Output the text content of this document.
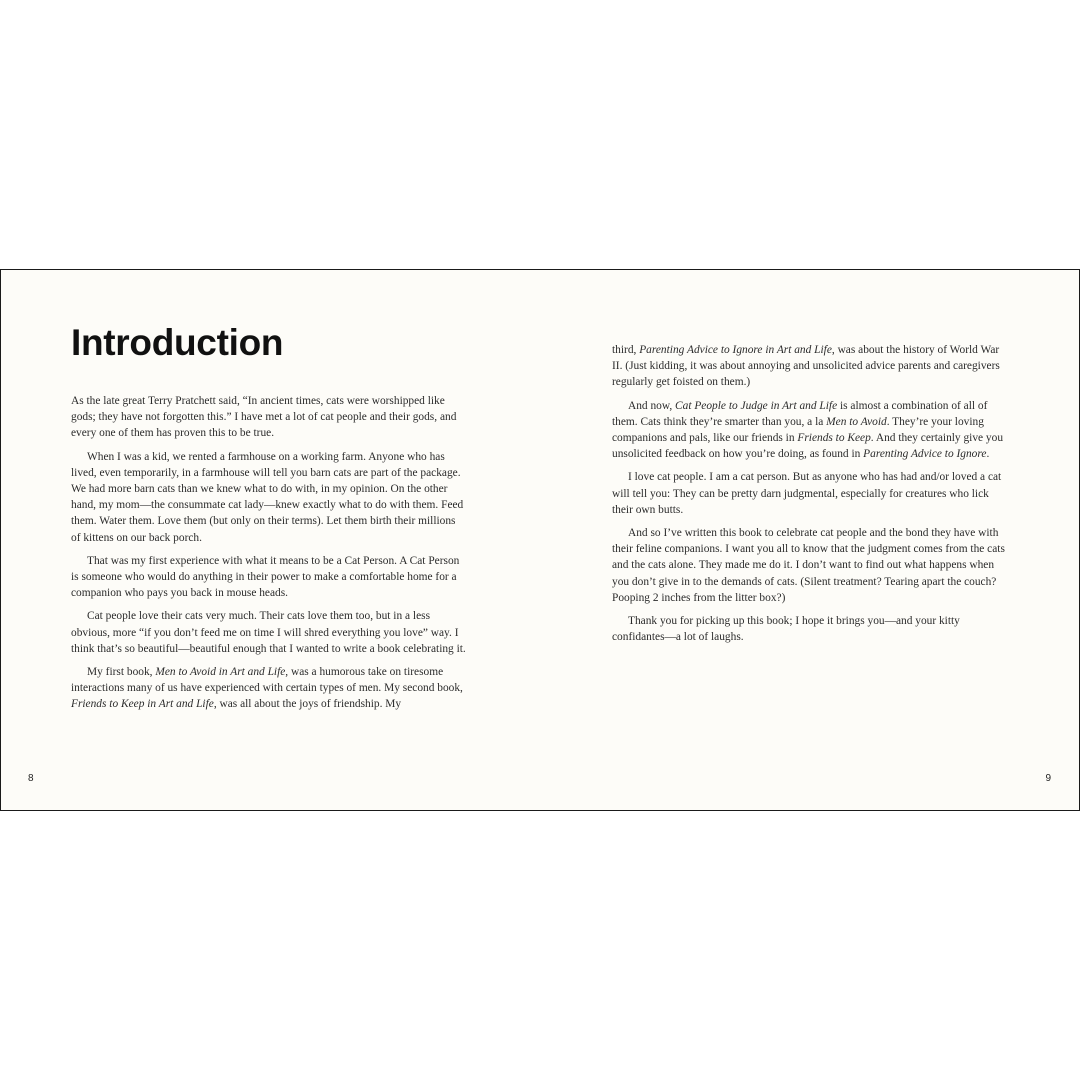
Introduction

As the late great Terry Pratchett said, “In ancient times, cats were worshipped like gods; they have not forgotten this.” I have met a lot of cat people and their gods, and every one of them has proven this to be true.

When I was a kid, we rented a farmhouse on a working farm. Anyone who has lived, even temporarily, in a farmhouse will tell you barn cats are part of the package. We had more barn cats than we knew what to do with, in my opinion. On the other hand, my mom—the consummate cat lady—knew exactly what to do with them. Feed them. Water them. Love them (but only on their terms). Let them birth their millions of kittens on our back porch.

That was my first experience with what it means to be a Cat Person. A Cat Person is someone who would do anything in their power to make a comfortable home for a companion who pays you back in mouse heads.

Cat people love their cats very much. Their cats love them too, but in a less obvious, more “if you don’t feed me on time I will shred everything you love” way. I think that’s so beautiful—beautiful enough that I wanted to write a book celebrating it.

My first book, Men to Avoid in Art and Life, was a humorous take on tiresome interactions many of us have experienced with certain types of men. My second book, Friends to Keep in Art and Life, was all about the joys of friendship. My

8

third, Parenting Advice to Ignore in Art and Life, was about the history of World War II. (Just kidding, it was about annoying and unsolicited advice parents and caregivers regularly get foisted on them.)

And now, Cat People to Judge in Art and Life is almost a combination of all of them. Cats think they’re smarter than you, a la Men to Avoid. They’re your loving companions and pals, like our friends in Friends to Keep. And they certainly give you unsolicited feedback on how you’re doing, as found in Parenting Advice to Ignore.

I love cat people. I am a cat person. But as anyone who has had and/or loved a cat will tell you: They can be pretty darn judgmental, especially for creatures who lick their own butts.

And so I’ve written this book to celebrate cat people and the bond they have with their feline companions. I want you all to know that the judgment comes from the cats and the cats alone. They made me do it. I don’t want to find out what happens when you don’t give in to the demands of cats. (Silent treatment? Tearing apart the couch? Pooping 2 inches from the litter box?)

Thank you for picking up this book; I hope it brings you—and your kitty confidantes—a lot of laughs.

9
